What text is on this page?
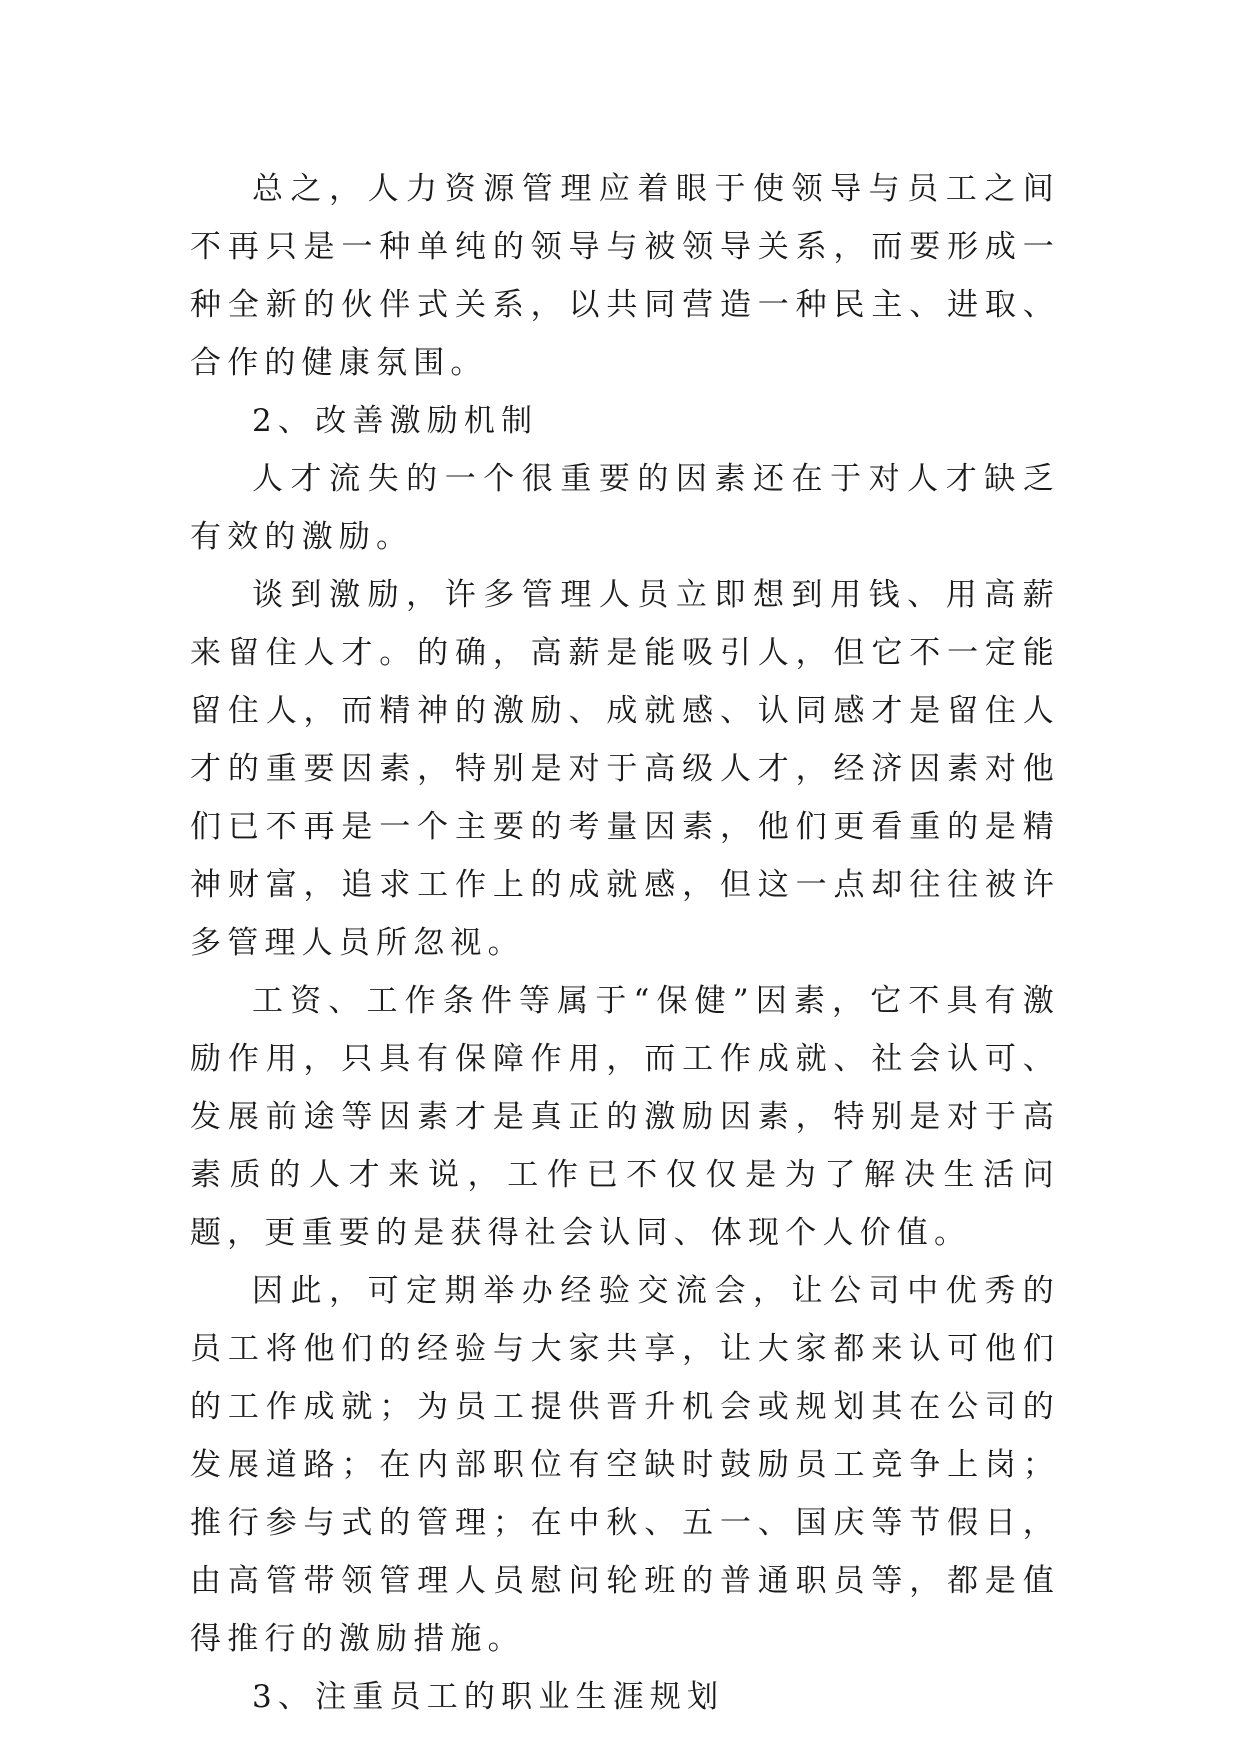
总之，人力资源管理应着眼于使领导与员工之间不再只是一种单纯的领导与被领导关系，而要形成一种全新的伙伴式关系，以共同营造一种民主、进取、合作的健康氛围。

2、改善激励机制

人才流失的一个很重要的因素还在于对人才缺乏有效的激励。

谈到激励，许多管理人员立即想到用钱、用高薪来留住人才。的确，高薪是能吸引人，但它不一定能留住人，而精神的激励、成就感、认同感才是留住人才的重要因素，特别是对于高级人才，经济因素对他们已不再是一个主要的考量因素，他们更看重的是精神财富，追求工作上的成就感，但这一点却往往被许多管理人员所忽视。

工资、工作条件等属于“保健”因素，它不具有激励作用，只具有保障作用，而工作成就、社会认可、发展前途等因素才是真正的激励因素，特别是对于高素质的人才来说，工作已不仅仅是为了解决生活问题，更重要的是获得社会认同、体现个人价值。

因此，可定期举办经验交流会，让公司中优秀的员工将他们的经验与大家共享，让大家都来认可他们的工作成就；为员工提供晋升机会或规划其在公司的发展道路；在内部职位有空缺时鼓励员工竞争上岗；推行参与式的管理；在中秋、五一、国庆等节假日，由高管带领管理人员慰问轮班的普通职员等，都是值得推行的激励措施。

3、注重员工的职业生涯规划
